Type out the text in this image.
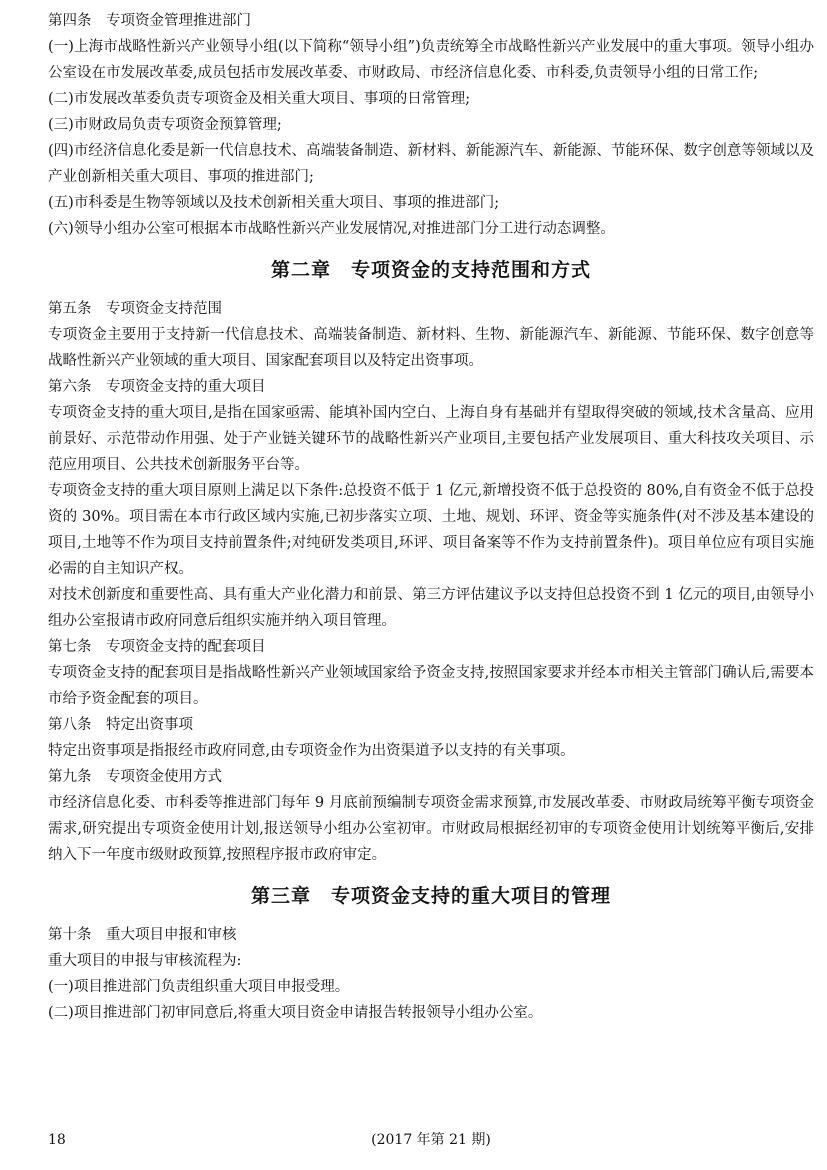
第四条　专项资金管理推进部门

(一)上海市战略性新兴产业领导小组(以下简称“领导小组”)负责统筹全市战略性新兴产业发展中的重大事项。领导小组办公室设在市发展改革委,成员包括市发展改革委、市财政局、市经济信息化委、市科委,负责领导小组的日常工作;

(二)市发展改革委负责专项资金及相关重大项目、事项的日常管理;

(三)市财政局负责专项资金预算管理;

(四)市经济信息化委是新一代信息技术、高端装备制造、新材料、新能源汽车、新能源、节能环保、数字创意等领域以及产业创新相关重大项目、事项的推进部门;

(五)市科委是生物等领域以及技术创新相关重大项目、事项的推进部门;

(六)领导小组办公室可根据本市战略性新兴产业发展情况,对推进部门分工进行动态调整。

第二章　专项资金的支持范围和方式

第五条　专项资金支持范围

专项资金主要用于支持新一代信息技术、高端装备制造、新材料、生物、新能源汽车、新能源、节能环保、数字创意等战略性新兴产业领域的重大项目、国家配套项目以及特定出资事项。

第六条　专项资金支持的重大项目

专项资金支持的重大项目,是指在国家亟需、能填补国内空白、上海自身有基础并有望取得突破的领域,技术含量高、应用前景好、示范带动作用强、处于产业链关键环节的战略性新兴产业项目,主要包括产业发展项目、重大科技攻关项目、示范应用项目、公共技术创新服务平台等。

专项资金支持的重大项目原则上满足以下条件:总投资不低于 1 亿元,新增投资不低于总投资的 80%,自有资金不低于总投资的 30%。项目需在本市行政区域内实施,已初步落实立项、土地、规划、环评、资金等实施条件(对不涉及基本建设的项目,土地等不作为项目支持前置条件;对纯研发类项目,环评、项目备案等不作为支持前置条件)。项目单位应有项目实施必需的自主知识产权。

对技术创新度和重要性高、具有重大产业化潜力和前景、第三方评估建议予以支持但总投资不到 1 亿元的项目,由领导小组办公室报请市政府同意后组织实施并纳入项目管理。

第七条　专项资金支持的配套项目

专项资金支持的配套项目是指战略性新兴产业领域国家给予资金支持,按照国家要求并经本市相关主管部门确认后,需要本市给予资金配套的项目。

第八条　特定出资事项

特定出资事项是指报经市政府同意,由专项资金作为出资渠道予以支持的有关事项。

第九条　专项资金使用方式

市经济信息化委、市科委等推进部门每年 9 月底前预编制专项资金需求预算,市发展改革委、市财政局统筹平衡专项资金需求,研究提出专项资金使用计划,报送领导小组办公室初审。市财政局根据经初审的专项资金使用计划统筹平衡后,安排纳入下一年度市级财政预算,按照程序报市政府审定。

第三章　专项资金支持的重大项目的管理

第十条　重大项目申报和审核

重大项目的申报与审核流程为:

(一)项目推进部门负责组织重大项目申报受理。

(二)项目推进部门初审同意后,将重大项目资金申请报告转报领导小组办公室。

18	(2017 年第 21 期)
